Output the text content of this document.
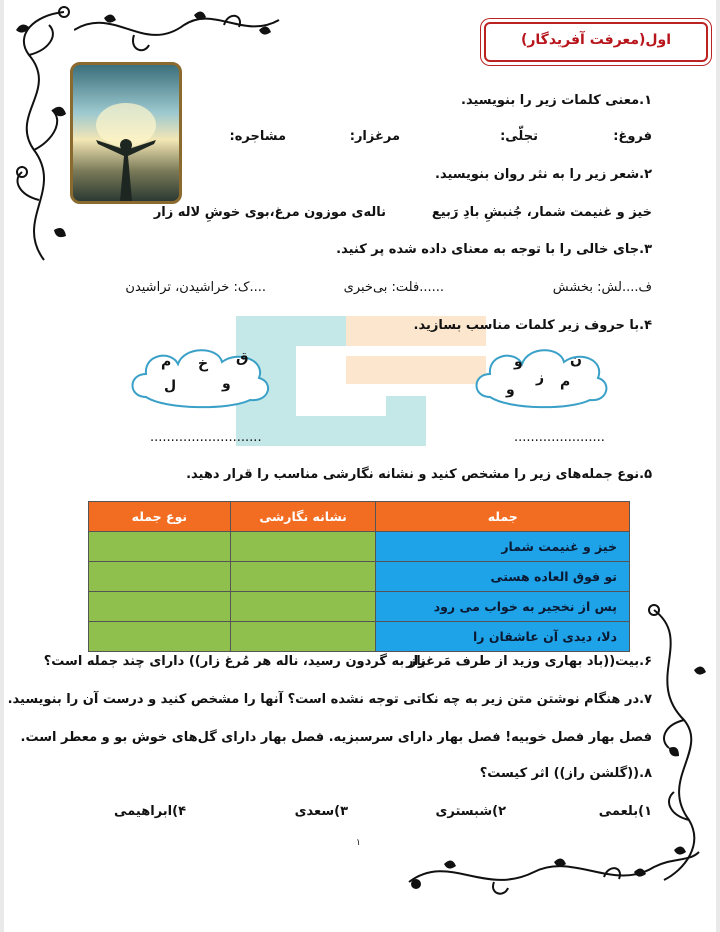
اول(معرفت آفریدگار)
۱.معنی کلمات زیر را بنویسید.
فروغ:
تجلّی:
مرغزار:
مشاجره:
۲.شعر زیر را به نثر روان بنویسید.
خیز و غنیمت شمار، جُنبشِ بادِ رَبیع
ناله‌ی موزون مرغ،بوی خوشِ لاله زار
۳.جای خالی را با توجه به معنای داده شده پر کنید.
ف....لش: بخشش
......فلت: بی‌خبری
....ک: خراشیدن، تراشیدن
۴.با حروف زیر کلمات مناسب بسازید.
ن
و
ز م
و
ق
خ
م
و
ل
...........................	......................
۵.نوع جمله‌های زیر را مشخص کنید و نشانه نگارشی مناسب را قرار دهید.
جمله	نشانه نگارشی	نوع جمله
خیز و غنیمت شمار		
تو فوق العاده هستی		
پس از نخجیر به خواب می رود		
دلا، دیدی آن عاشقان را		
۶.بیت((باد بهاری وزید از طرف مَرغزار
باز به گردون رسید، ناله هر مُرغ زار)) دارای چند جمله است؟
۷.در هنگام نوشتن متن زیر به چه نکاتی توجه نشده است؟ آنها را مشخص کنید و درست آن را بنویسید.
فصل بهار فصل خوبیه! فصل بهار دارای سرسبزیه. فصل بهار دارای گل‌های خوش بو و معطر است.
۸.((گلشن راز)) اثر کیست؟
۱)بلعمی
۲)شبستری
۳)سعدی
۴)ابراهیمی
۱
